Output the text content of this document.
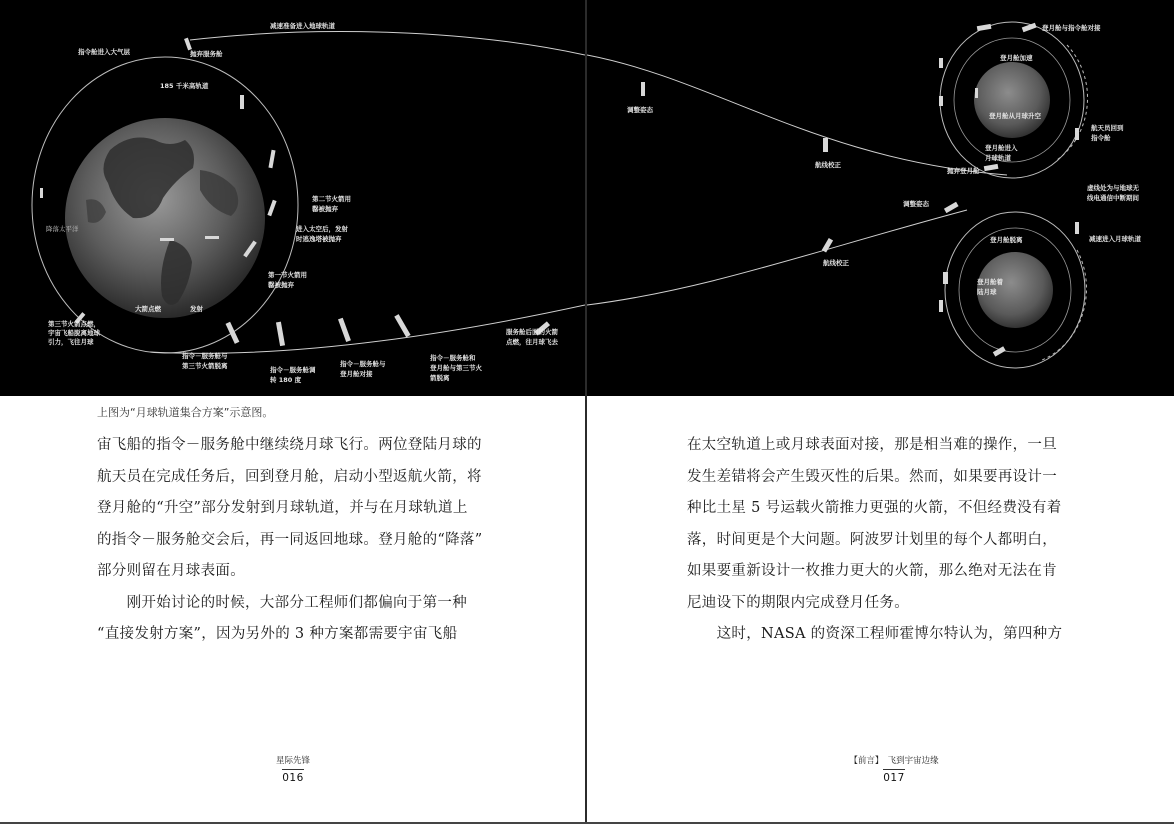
指令舱进入大气层
减速准备进入地球轨道
抛弃服务舱
185 千米高轨道
降落太平洋
大箭点燃	发射
第二节火箭用 罄被抛弃
进入太空后，发射 时逃逸塔被抛弃
第一节火箭用 罄被抛弃
第三节火箭点燃， 宇宙飞船脱离地球 引力，飞往月球
指令－服务舱与 第三节火箭脱离	指令－服务舱调 转 180 度
指令－服务舱与 登月舱对接
指令－服务舱和 登月舱与第三节火 箭脱离
服务舱后面的火箭 点燃，往月球飞去
上图为“月球轨道集合方案”示意图。

宙飞船的指令－服务舱中继续绕月球飞行。两位登陆月球的

航天员在完成任务后，回到登月舱，启动小型返航火箭，将

登月舱的“升空”部分发射到月球轨道，并与在月球轨道上

的指令－服务舱交会后，再一同返回地球。登月舱的“降落”

部分则留在月球表面。

　　刚开始讨论的时候，大部分工程师们都偏向于第一种

“直接发射方案”，因为另外的 3 种方案都需要宇宙飞船

星际先锋
016
调整姿态
航线校正
登月舱与指令舱对接
登月舱加速
登月舱从月球升空
抛弃登月舱
调整姿态
登月舱脱离	减速进入月球轨道
航线校正
航天员回到 指令舱
登月舱进入 月球轨道
虚线处为与地球无 线电通信中断期间
登月舱着 陆月球

在太空轨道上或月球表面对接，那是相当难的操作，一旦

发生差错将会产生毁灭性的后果。然而，如果要再设计一

种比土星 5 号运载火箭推力更强的火箭，不但经费没有着

落，时间更是个大问题。阿波罗计划里的每个人都明白，

如果要重新设计一枚推力更大的火箭，那么绝对无法在肯

尼迪设下的期限内完成登月任务。

　　这时，NASA 的资深工程师霍博尔特认为，第四种方

【前言】　飞到宇宙边缘
017
